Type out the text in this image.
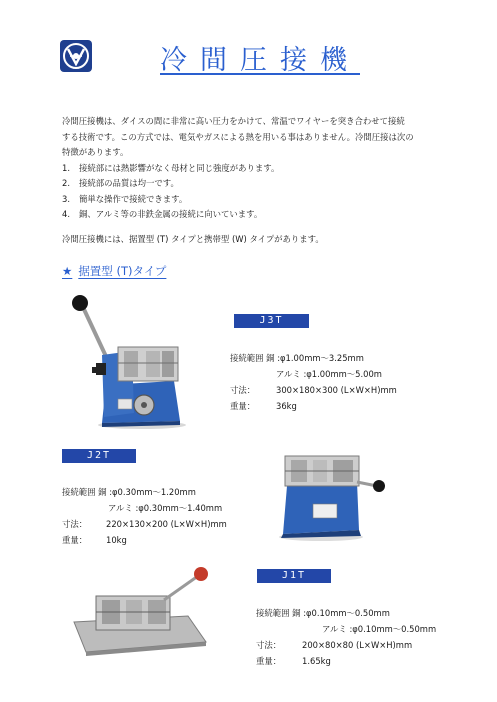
冷間圧接機

冷間圧接機は、ダイスの間に非常に高い圧力をかけて、常温でワイヤーを突き合わせて接続

する技術です。この方式では、電気やガスによる熱を用いる事はありません。冷間圧接は次の

特徴があります。

1. 接続部には熱影響がなく母材と同じ強度があります。

2. 接続部の品質は均一です。

3. 簡単な操作で接続できます。

4. 銅、アルミ等の非鉄金属の接続に向いています。

冷間圧接機には、据置型 (T) タイプと携帯型 (W) タイプがあります。
★ 据置型 (T)タイプ
J3T

接続範囲 銅 :φ1.00mm～3.25mm

アルミ :φ1.00mm～5.00m

寸法： 300×180×300 (L×W×H)mm

重量： 36kg

J2T

接続範囲 銅 :φ0.30mm～1.20mm

アルミ :φ0.30mm～1.40mm

寸法： 220×130×200 (L×W×H)mm

重量： 10kg

J1T

接続範囲 銅 :φ0.10mm～0.50mm

アルミ :φ0.10mm～0.50mm

寸法： 200×80×80 (L×W×H)mm

重量： 1.65kg
